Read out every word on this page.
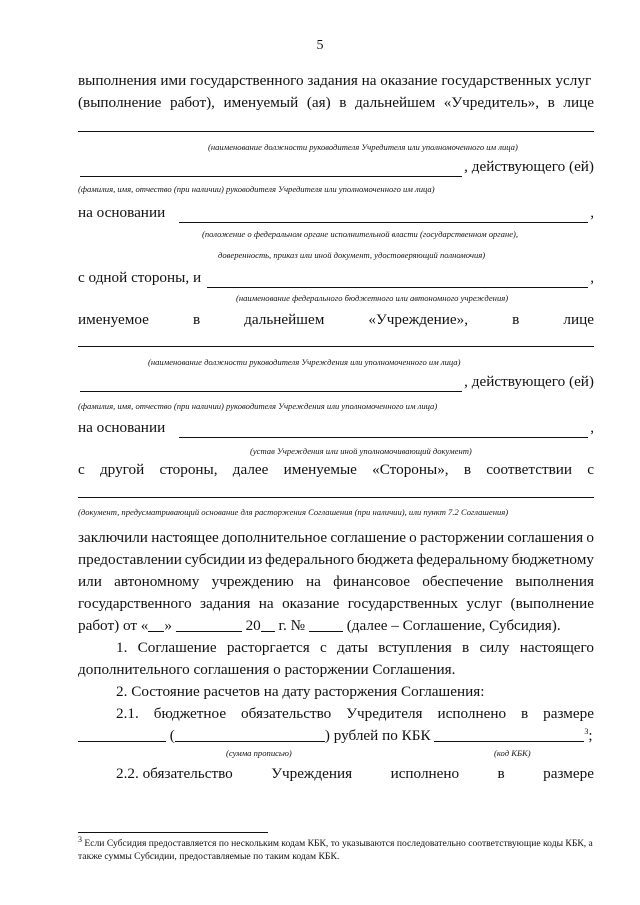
5
выполнения ими государственного задания на оказание государственных услуг
(выполнение работ), именуемый (ая) в дальнейшем «Учредитель», в лице
(наименование должности руководителя Учредителя или уполномоченного им лица)
, действующего (ей)
(фамилия, имя, отчество (при наличии) руководителя Учредителя или уполномоченного им лица)
на основании	,
(положение о федеральном органе исполнительной власти (государственном органе),
доверенность, приказ или иной документ, удостоверяющий полномочия)
с одной стороны, и	,
(наименование федерального бюджетного или автономного учреждения)
именуемое	в	дальнейшем	«Учреждение»,	в	лице
(наименование должности руководителя Учреждения или уполномоченного им лица)
, действующего (ей)
(фамилия, имя, отчество (при наличии) руководителя Учреждения или уполномоченного им лица)
на основании	,
(устав Учреждения или иной уполномочивающий документ)
с другой стороны, далее именуемые «Стороны», в соответствии с
(документ, предусматривающий основание для расторжения Соглашения (при наличии), или пункт 7.2 Соглашения)
заключили настоящее дополнительное соглашение о расторжении соглашения о
предоставлении субсидии из федерального бюджета федеральному бюджетному
или автономному учреждению на финансовое обеспечение выполнения
государственного задания на оказание государственных услуг (выполнение
работ) от « »	20 г. №	(далее – Соглашение, Субсидия).
1. Соглашение расторгается с даты вступления в силу настоящего
дополнительного соглашения о расторжении Соглашения.
2. Состояние расчетов на дату расторжения Соглашения:
2.1. бюджетное обязательство Учредителя исполнено в размере
(	) рублей по КБК	$^3$;
(сумма прописью)	(код КБК)
2.2. обязательство	Учреждения	исполнено	в	размере
$^3$ Если Субсидия предоставляется по нескольким кодам КБК, то указываются последовательно соответствующие коды КБК, а также суммы Субсидии, предоставляемые по таким кодам КБК.
